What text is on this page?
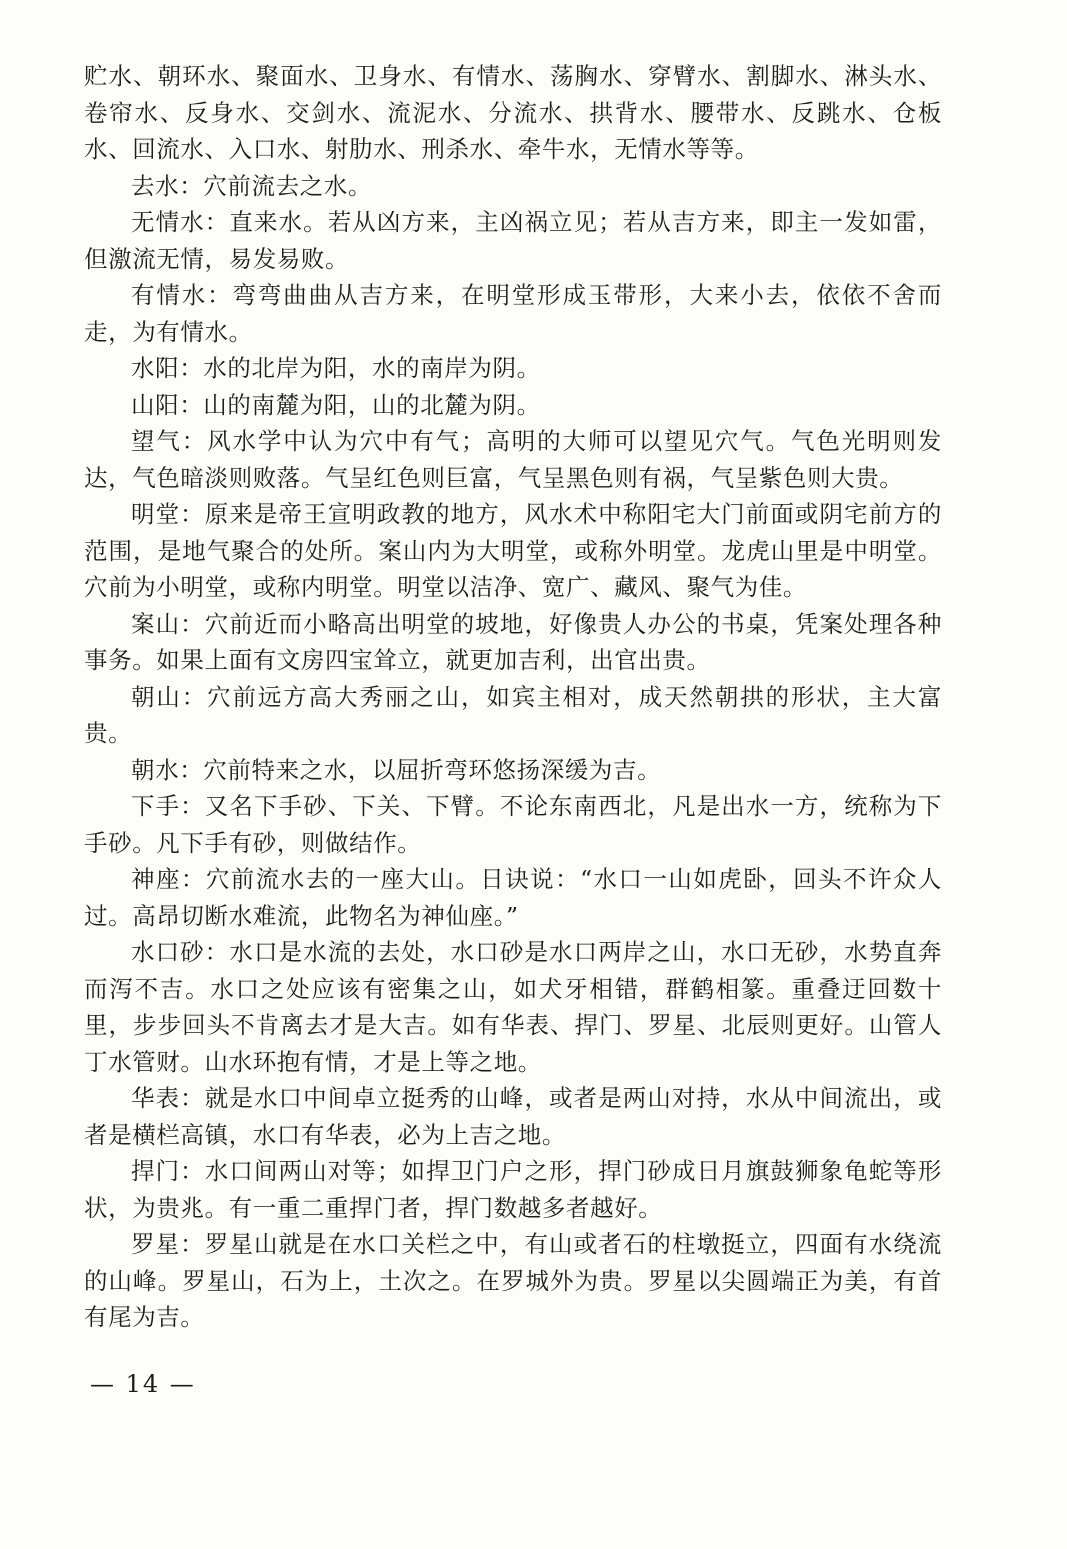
贮水、朝环水、聚面水、卫身水、有情水、荡胸水、穿臂水、割脚水、淋头水、卷帘水、反身水、交剑水、流泥水、分流水、拱背水、腰带水、反跳水、仓板水、回流水、入口水、射肋水、刑杀水、牵牛水，无情水等等。

去水：穴前流去之水。

无情水：直来水。若从凶方来，主凶祸立见；若从吉方来，即主一发如雷，但激流无情，易发易败。

有情水：弯弯曲曲从吉方来，在明堂形成玉带形，大来小去，依依不舍而走，为有情水。

水阳：水的北岸为阳，水的南岸为阴。

山阳：山的南麓为阳，山的北麓为阴。

望气：风水学中认为穴中有气；高明的大师可以望见穴气。气色光明则发达，气色暗淡则败落。气呈红色则巨富，气呈黑色则有祸，气呈紫色则大贵。

明堂：原来是帝王宣明政教的地方，风水术中称阳宅大门前面或阴宅前方的范围，是地气聚合的处所。案山内为大明堂，或称外明堂。龙虎山里是中明堂。穴前为小明堂，或称内明堂。明堂以洁净、宽广、藏风、聚气为佳。

案山：穴前近而小略高出明堂的坡地，好像贵人办公的书桌，凭案处理各种事务。如果上面有文房四宝耸立，就更加吉利，出官出贵。

朝山：穴前远方高大秀丽之山，如宾主相对，成天然朝拱的形状，主大富贵。

朝水：穴前特来之水，以屈折弯环悠扬深缓为吉。

下手：又名下手砂、下关、下臂。不论东南西北，凡是出水一方，统称为下手砂。凡下手有砂，则做结作。

神座：穴前流水去的一座大山。日诀说：“水口一山如虎卧，回头不许众人过。高昂切断水难流，此物名为神仙座。”

水口砂：水口是水流的去处，水口砂是水口两岸之山，水口无砂，水势直奔而泻不吉。水口之处应该有密集之山，如犬牙相错，群鹤相篆。重叠迂回数十里，步步回头不肯离去才是大吉。如有华表、捍门、罗星、北辰则更好。山管人丁水管财。山水环抱有情，才是上等之地。

华表：就是水口中间卓立挺秀的山峰，或者是两山对持，水从中间流出，或者是横栏高镇，水口有华表，必为上吉之地。

捍门：水口间两山对等；如捍卫门户之形，捍门砂成日月旗鼓狮象龟蛇等形状，为贵兆。有一重二重捍门者，捍门数越多者越好。

罗星：罗星山就是在水口关栏之中，有山或者石的柱墩挺立，四面有水绕流的山峰。罗星山，石为上，土次之。在罗城外为贵。罗星以尖圆端正为美，有首有尾为吉。

— 14 —
